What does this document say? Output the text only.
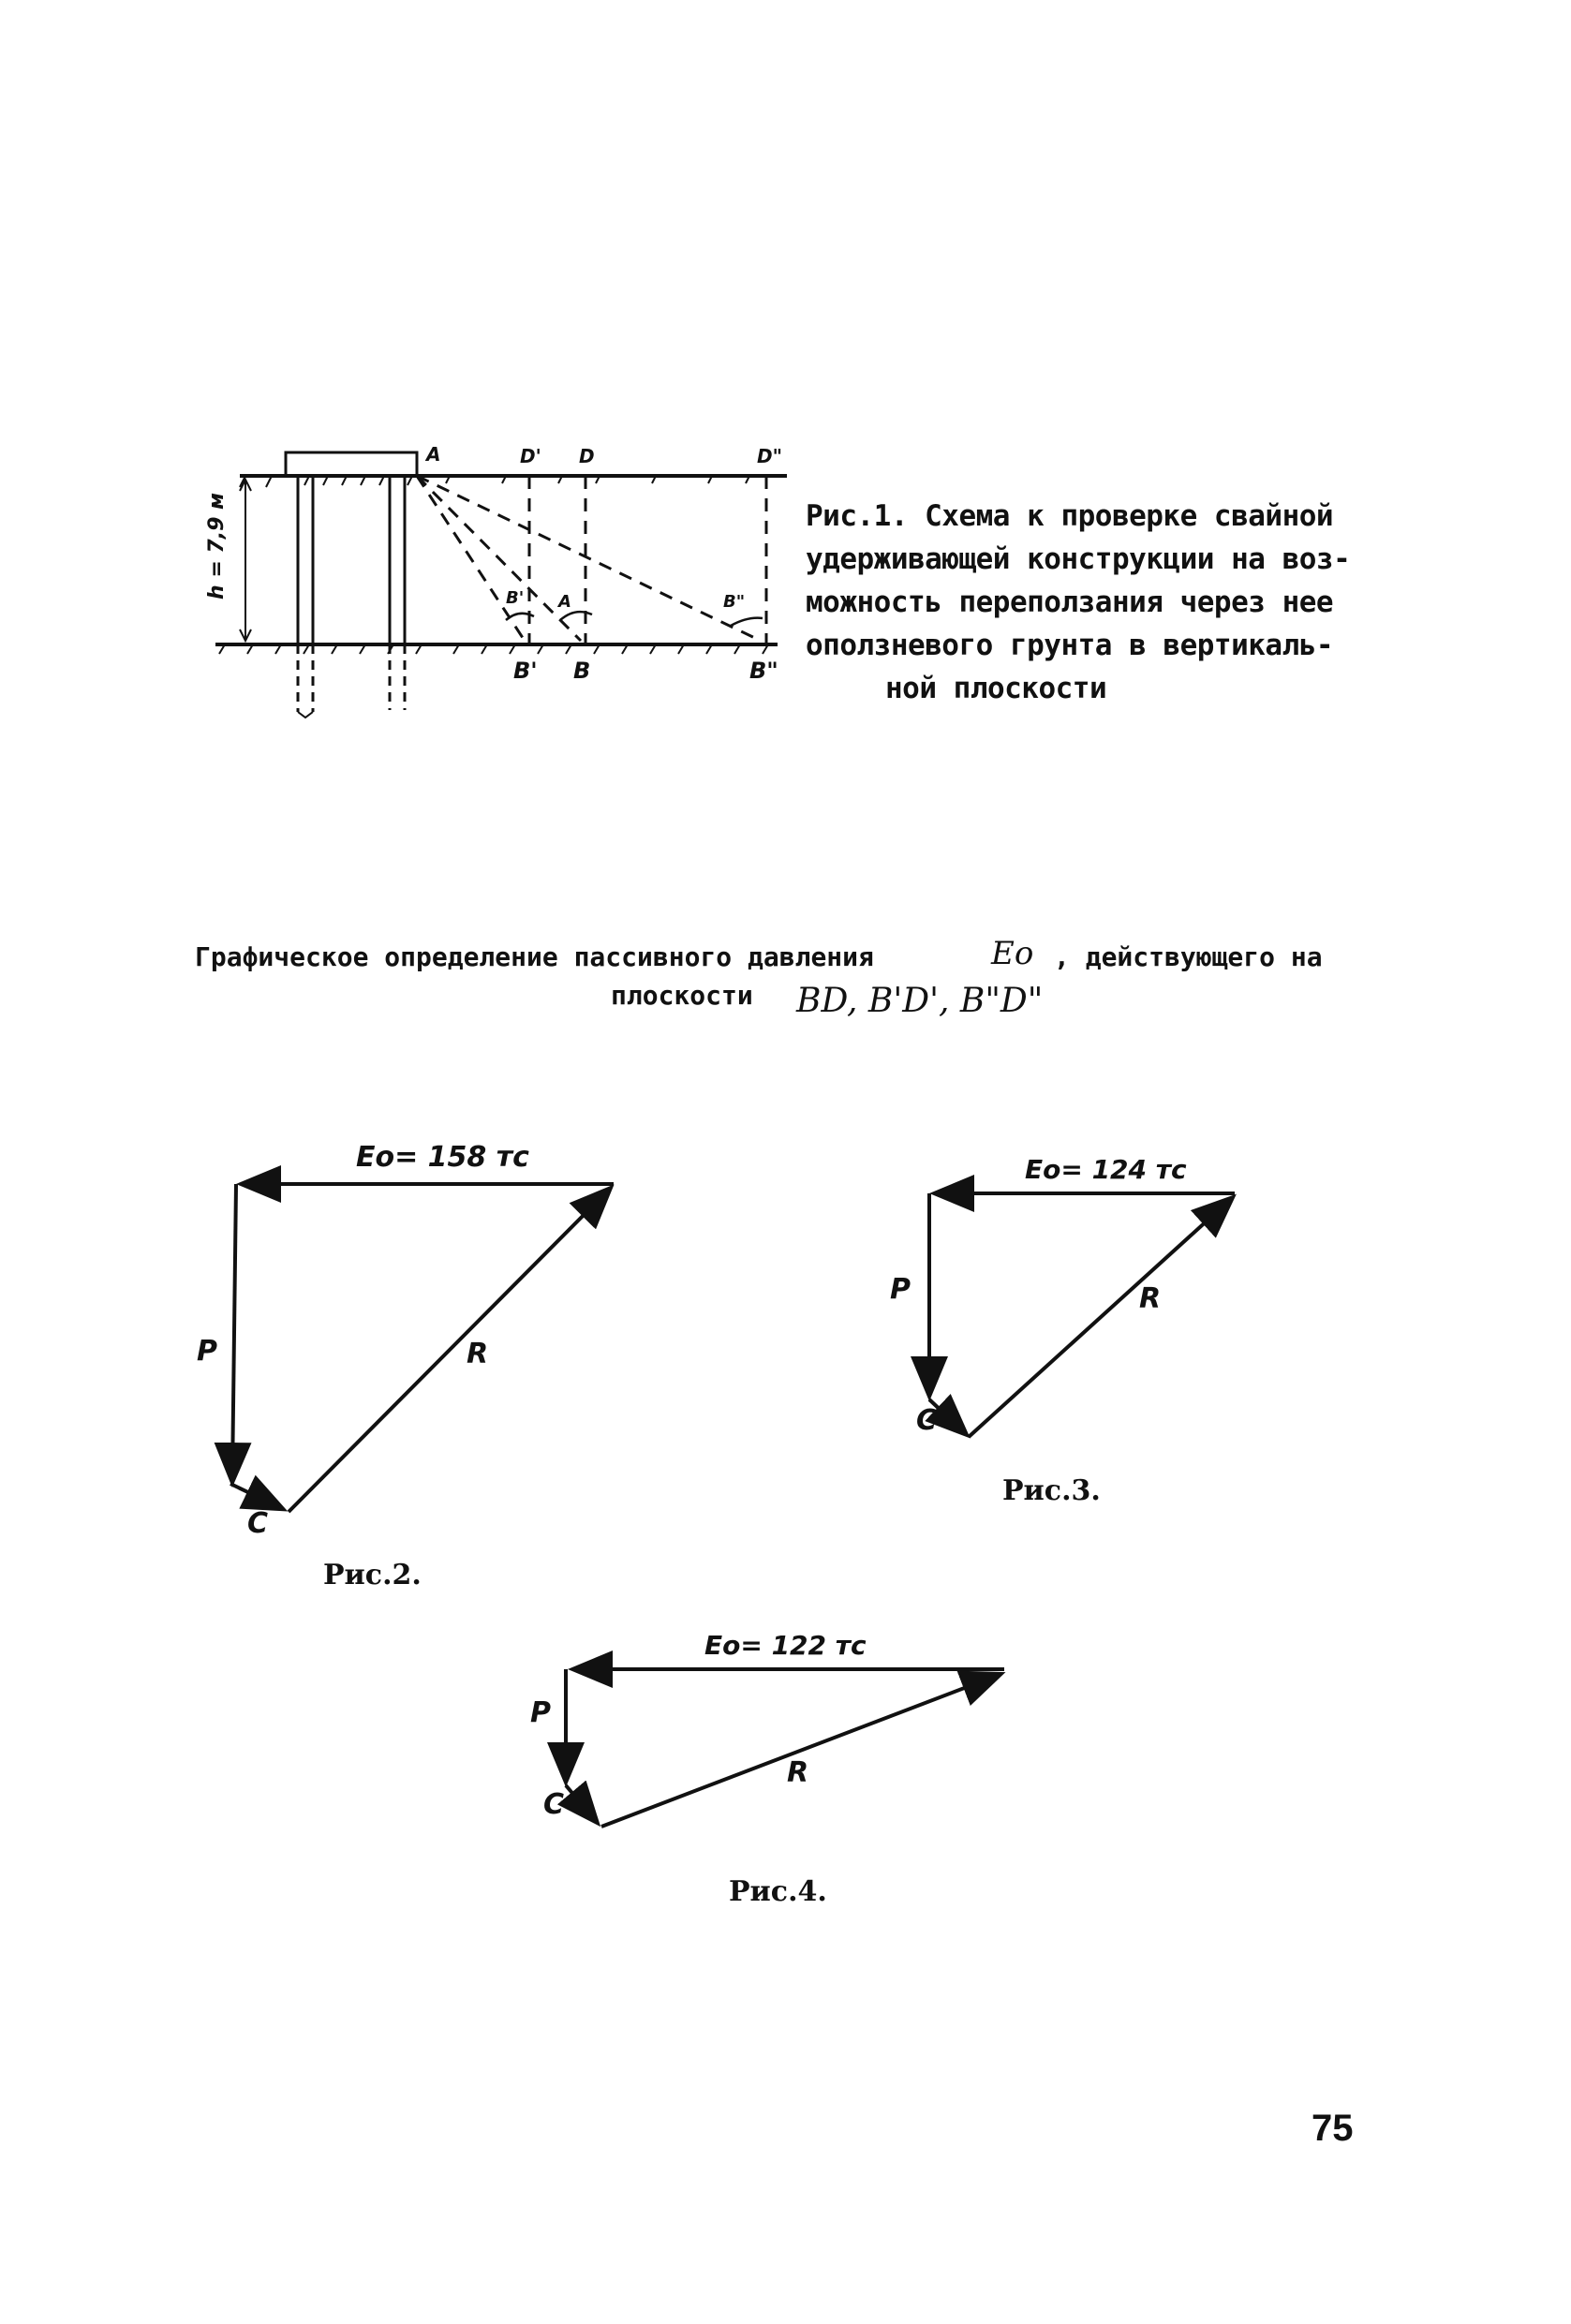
A	D' D	D"
B' B	B"
B' A	B"
h = 7,9 м	Рис.1. Схема к проверке свайной
удерживающей конструкции на воз-
можность переползания через нее
оползневого грунта в вертикаль-
ной плоскости
Графическое определение пассивного давления	Eo , действующего на
плоскости BD, B'D', B"D"
Eo= 158 тс
P	R
C
Eo= 124 тс
P	R
C
Eo= 122 тс
P
R
C
Рис.2.
Рис.3.
Рис.4.
75
